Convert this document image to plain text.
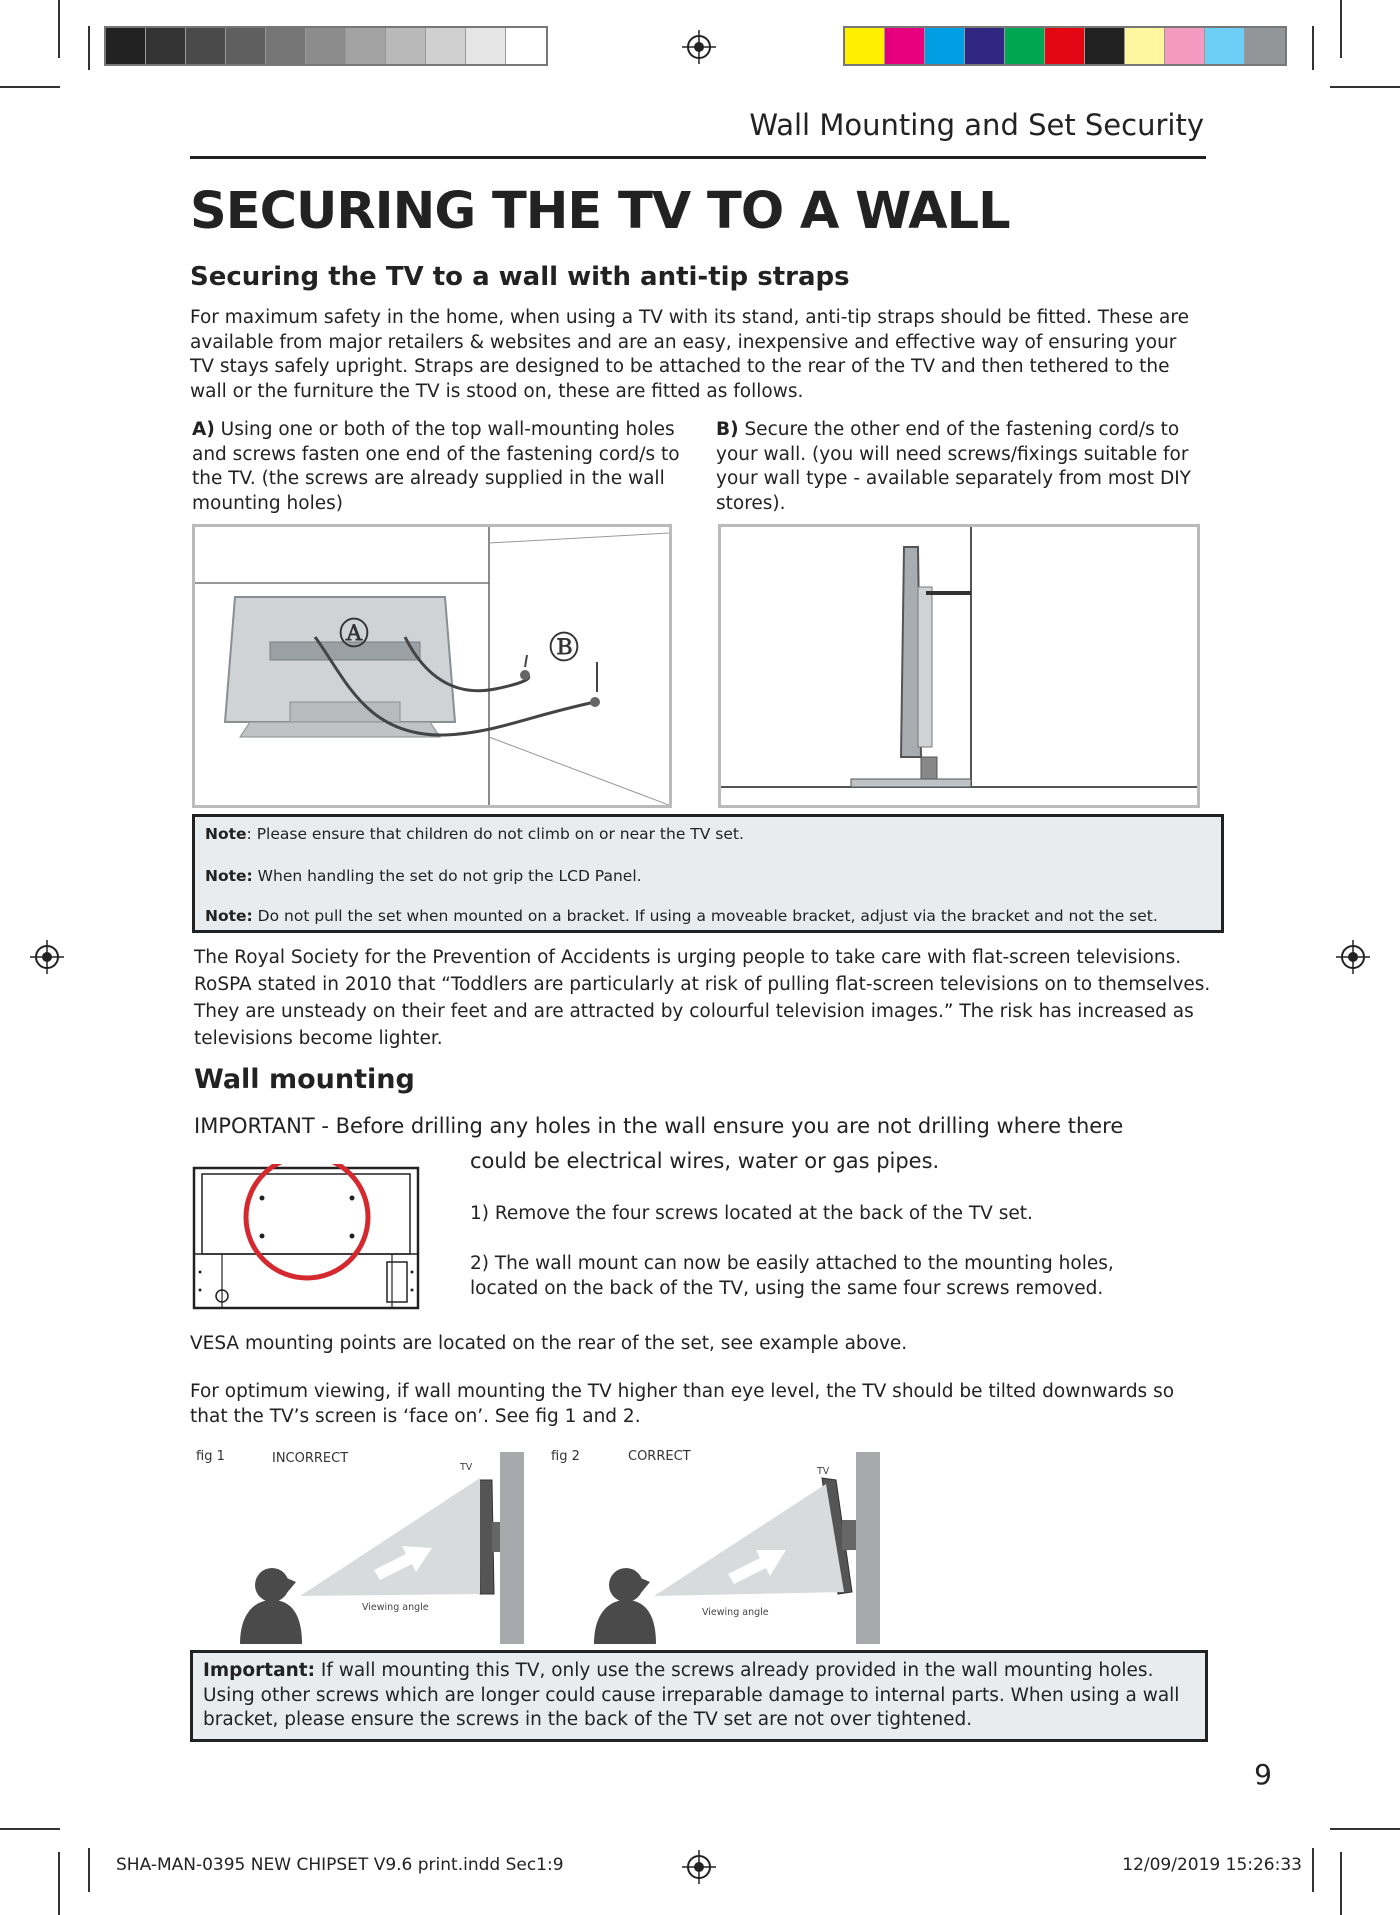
Wall Mounting and Set Security
SECURING THE TV TO A WALL
Securing the TV to a wall with anti-tip straps
For maximum safety in the home, when using a TV with its stand, anti-tip straps should be fitted. These are available from major retailers & websites and are an easy, inexpensive and effective way of ensuring your TV stays safely upright. Straps are designed to be attached to the rear of the TV and then tethered to the wall or the furniture the TV is stood on, these are fitted as follows.
A) Using one or both of the top wall-mounting holes and screws fasten one end of the fastening cord/s to the TV. (the screws are already supplied in the wall mounting holes)
B) Secure the other end of the fastening cord/s to your wall. (you will need screws/fixings suitable for your wall type - available separately from most DIY stores).
Ⓐ	Ⓑ
Note: Please ensure that children do not climb on or near the TV set.
Note: When handling the set do not grip the LCD Panel.
Note: Do not pull the set when mounted on a bracket. If using a moveable bracket, adjust via the bracket and not the set.
The Royal Society for the Prevention of Accidents is urging people to take care with flat-screen televisions. RoSPA stated in 2010 that “Toddlers are particularly at risk of pulling flat-screen televisions on to themselves. They are unsteady on their feet and are attracted by colourful television images.” The risk has increased as televisions become lighter.
Wall mounting
IMPORTANT - Before drilling any holes in the wall ensure you are not drilling where there
could be electrical wires, water or gas pipes.
1) Remove the four screws located at the back of the TV set.
2) The wall mount can now be easily attached to the mounting holes, located on the back of the TV, using the same four screws removed.
VESA mounting points are located on the rear of the set, see example above.
For optimum viewing, if wall mounting the TV higher than eye level, the TV should be tilted downwards so that the TV’s screen is ‘face on’. See fig 1 and 2.
fig 1	INCORRECT
TV
Viewing angle
fig 2	CORRECT
TV
Viewing angle
Important: If wall mounting this TV, only use the screws already provided in the wall mounting holes. Using other screws which are longer could cause irreparable damage to internal parts. When using a wall bracket, please ensure the screws in the back of the TV set are not over tightened.
9
SHA-MAN-0395 NEW CHIPSET V9.6 print.indd Sec1:9	12/09/2019 15:26:33
